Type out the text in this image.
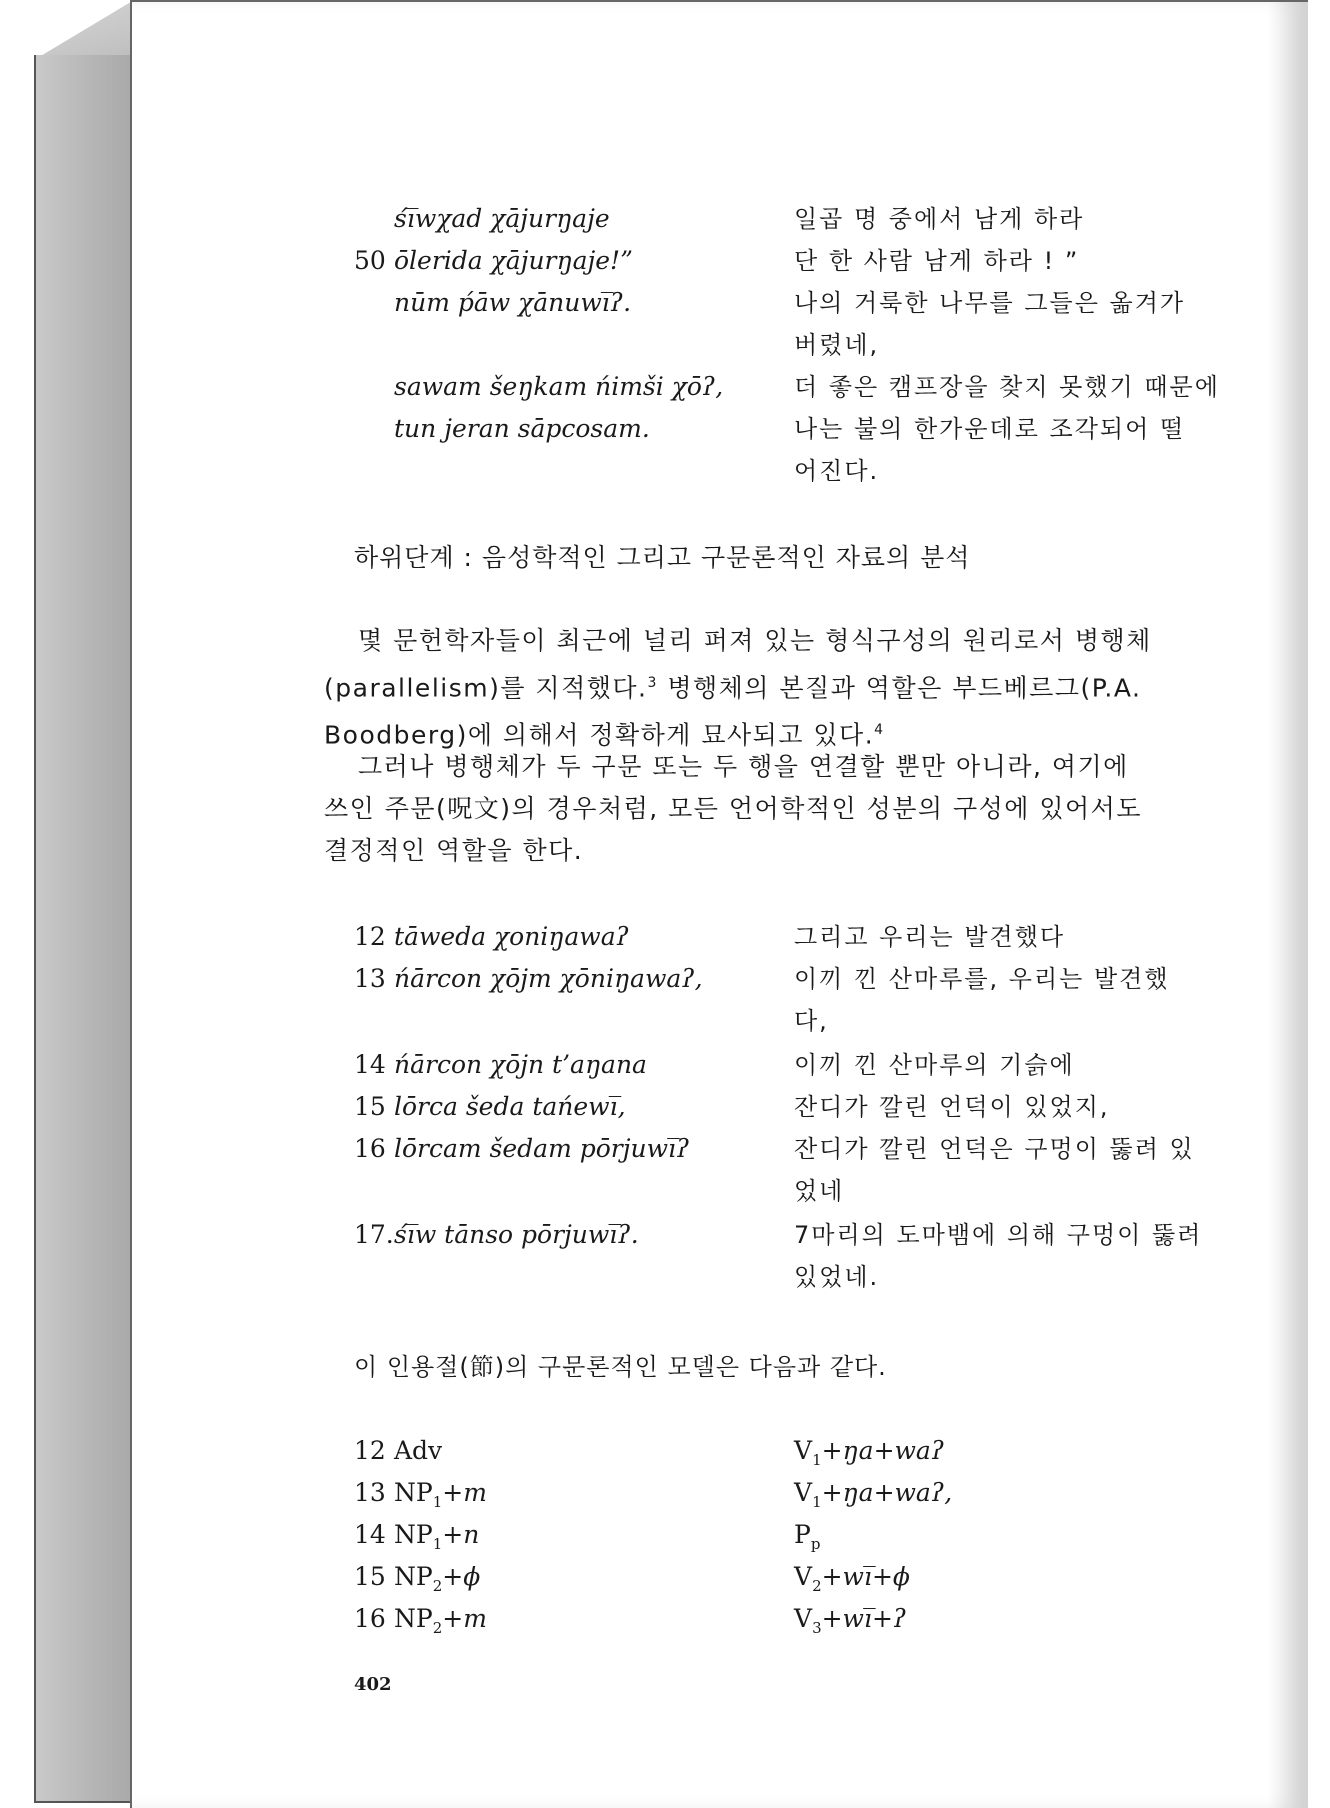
śi̅wχad χājurŋaje	일곱 명 중에서 남게 하라
50 ōlerida χājurŋaje!”	단 한 사람 남게 하라 ! ”
nūm ṕāw χānuwi̅ʔ.	나의 거룩한 나무를 그들은 옮겨가
버렸네,
sawam šeŋkam ńimši χōʔ,	더 좋은 캠프장을 찾지 못했기 때문에
tun jeran sāpcosam.	나는 불의 한가운데로 조각되어 떨
어진다.
하위단계 : 음성학적인 그리고 구문론적인 자료의 분석
몇 문헌학자들이 최근에 널리 퍼져 있는 형식구성의 원리로서 병행체
(parallelism)를 지적했다.$^3$ 병행체의 본질과 역할은 부드베르그(P.A.
Boodberg)에 의해서 정확하게 묘사되고 있다.$^4$
그러나 병행체가 두 구문 또는 두 행을 연결할 뿐만 아니라, 여기에
쓰인 주문(呪文)의 경우처럼, 모든 언어학적인 성분의 구성에 있어서도
결정적인 역할을 한다.
12 tāweda χoniŋawaʔ	그리고 우리는 발견했다
13 ńārcon χōjm χōniŋawaʔ,	이끼 낀 산마루를, 우리는 발견했
다,
14 ńārcon χōjn t’aŋana	이끼 낀 산마루의 기슭에
15 lōrca šeda tańewi̅,	잔디가 깔린 언덕이 있었지,
16 lōrcam šedam pōrjuwi̅ʔ	잔디가 깔린 언덕은 구멍이 뚫려 있
었네
17. śi̅w tānso pōrjuwi̅ʔ.	7마리의 도마뱀에 의해 구멍이 뚫려
있었네.
이 인용절(節)의 구문론적인 모델은 다음과 같다.
12 Adv	$V_1+ŋa+waʔ$
13 $NP_1+m$	$V_1+ŋa+waʔ$,
14 $NP_1+n$	$P_p$
15 $NP_2+\phi$	$V_2+wi̅+\phi$
16 $NP_2+m$	$V_3+wi̅+ʔ$
402
